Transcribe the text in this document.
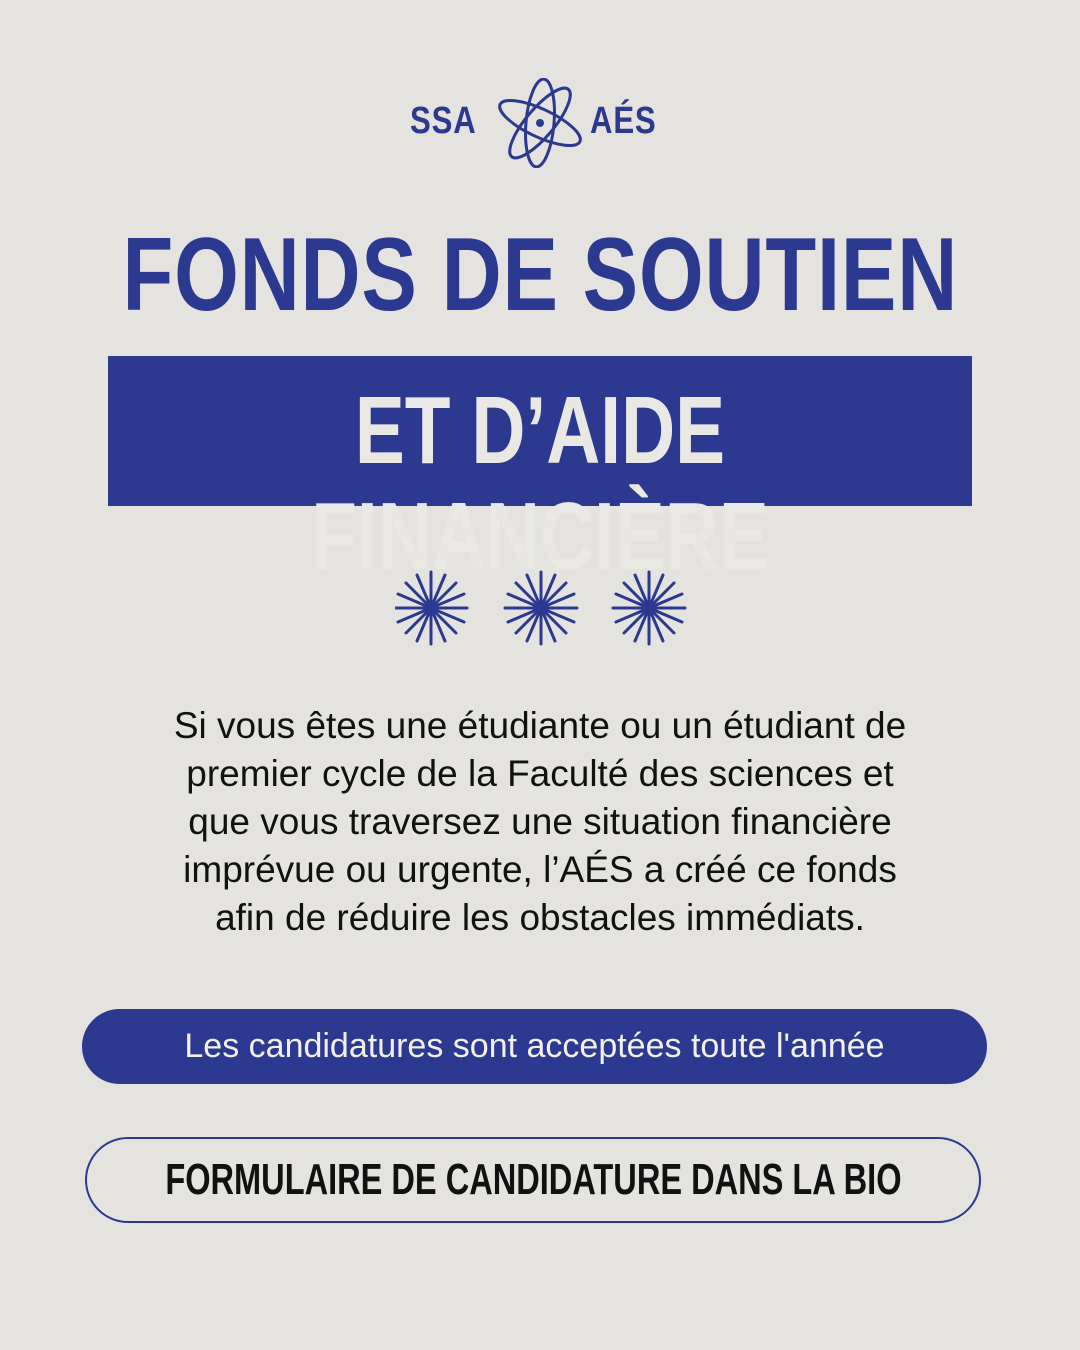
SSA	AÉS
FONDS DE SOUTIEN
ET D’AIDE FINANCIÈRE
Si vous êtes une étudiante ou un étudiant de
premier cycle de la Faculté des sciences et
que vous traversez une situation financière
imprévue ou urgente, l’AÉS a créé ce fonds
afin de réduire les obstacles immédiats.
Les candidatures sont acceptées toute l'année
FORMULAIRE DE CANDIDATURE DANS LA BIO
